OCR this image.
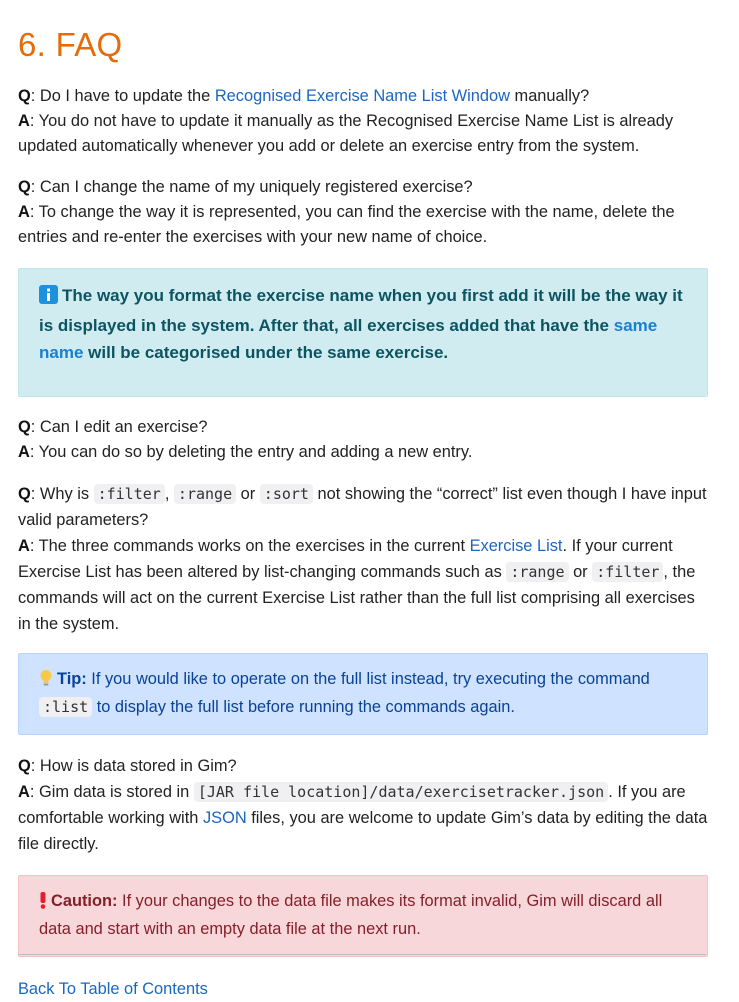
6. FAQ

Q: Do I have to update the Recognised Exercise Name List Window manually?
A: You do not have to update it manually as the Recognised Exercise Name List is already updated automatically whenever you add or delete an exercise entry from the system.

Q: Can I change the name of my uniquely registered exercise?
A: To change the way it is represented, you can find the exercise with the name, delete the entries and re-enter the exercises with your new name of choice.

The way you format the exercise name when you first add it will be the way it is displayed in the system. After that, all exercises added that have the same name will be categorised under the same exercise.

Q: Can I edit an exercise?
A: You can do so by deleting the entry and adding a new entry.

Q: Why is :filter , :range or :sort not showing the “correct” list even though I have input valid parameters?
A: The three commands works on the exercises in the current Exercise List. If your current Exercise List has been altered by list-changing commands such as :range or :filter , the commands will act on the current Exercise List rather than the full list comprising all exercises in the system.

Tip: If you would like to operate on the full list instead, try executing the command :list to display the full list before running the commands again.

Q: How is data stored in Gim?
A: Gim data is stored in [JAR file location]/data/exercisetracker.json . If you are comfortable working with JSON files, you are welcome to update Gim’s data by editing the data file directly.

Caution: If your changes to the data file makes its format invalid, Gim will discard all data and start with an empty data file at the next run.

Back To Table of Contents
